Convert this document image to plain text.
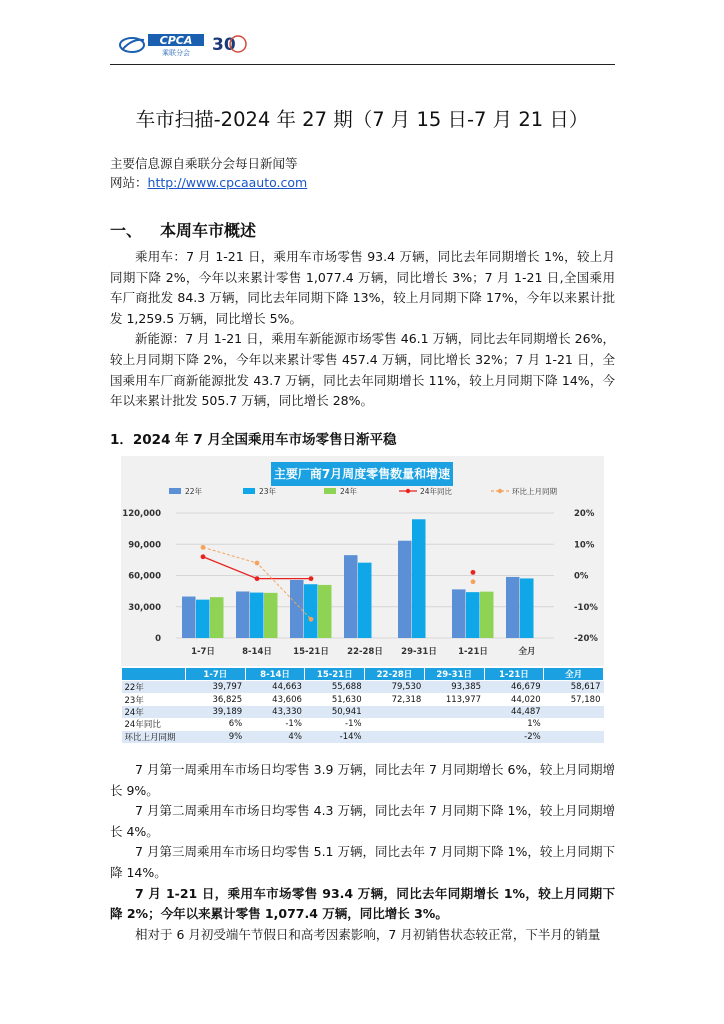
CPCA
乘联分会 30
车市扫描-2024 年 27 期（7 月 15 日-7 月 21 日）
主要信息源自乘联分会每日新闻等
网站：http://www.cpcaauto.com
一、 本周车市概述

乘用车：7 月 1-21 日，乘用车市场零售 93.4 万辆，同比去年同期增长 1%，较上月同期下降 2%，今年以来累计零售 1,077.4 万辆，同比增长 3%；7 月 1-21 日,全国乘用车厂商批发 84.3 万辆，同比去年同期下降 13%，较上月同期下降 17%，今年以来累计批发 1,259.5 万辆，同比增长 5%。

新能源：7 月 1-21 日，乘用车新能源市场零售 46.1 万辆，同比去年同期增长 26%，较上月同期下降 2%，今年以来累计零售 457.4 万辆，同比增长 32%；7 月 1-21 日，全国乘用车厂商新能源批发 43.7 万辆，同比去年同期增长 11%，较上月同期下降 14%，今年以来累计批发 505.7 万辆，同比增长 28%。

1．2024 年 7 月全国乘用车市场零售日渐平稳
0
30,000
60,000
90,000
120,000
-20%
-10%
0%
10%
20%
1-7日	8-14日	15-21日 22-28日 29-31日	1-21日	全月
22年	23年	24年	24年同比	环比上月同期
主要厂商7月周度零售数量和增速
	1-7日	8-14日	15-21日	22-28日	29-31日	1-21日	全月
22年	39,797	44,663	55,688	79,530	93,385	46,679	58,617
23年	36,825	43,606	51,630	72,318	113,977	44,020	57,180
24年	39,189	43,330	50,941			44,487	
24年同比	6%	-1%	-1%			1%	
环比上月同期	9%	4%	-14%			-2%	

7 月第一周乘用车市场日均零售 3.9 万辆，同比去年 7 月同期增长 6%，较上月同期增长 9%。

7 月第二周乘用车市场日均零售 4.3 万辆，同比去年 7 月同期下降 1%，较上月同期增长 4%。

7 月第三周乘用车市场日均零售 5.1 万辆，同比去年 7 月同期下降 1%，较上月同期下降 14%。

7 月 1-21 日，乘用车市场零售 93.4 万辆，同比去年同期增长 1%，较上月同期下降 2%；今年以来累计零售 1,077.4 万辆，同比增长 3%。

相对于 6 月初受端午节假日和高考因素影响，7 月初销售状态较正常，下半月的销量
